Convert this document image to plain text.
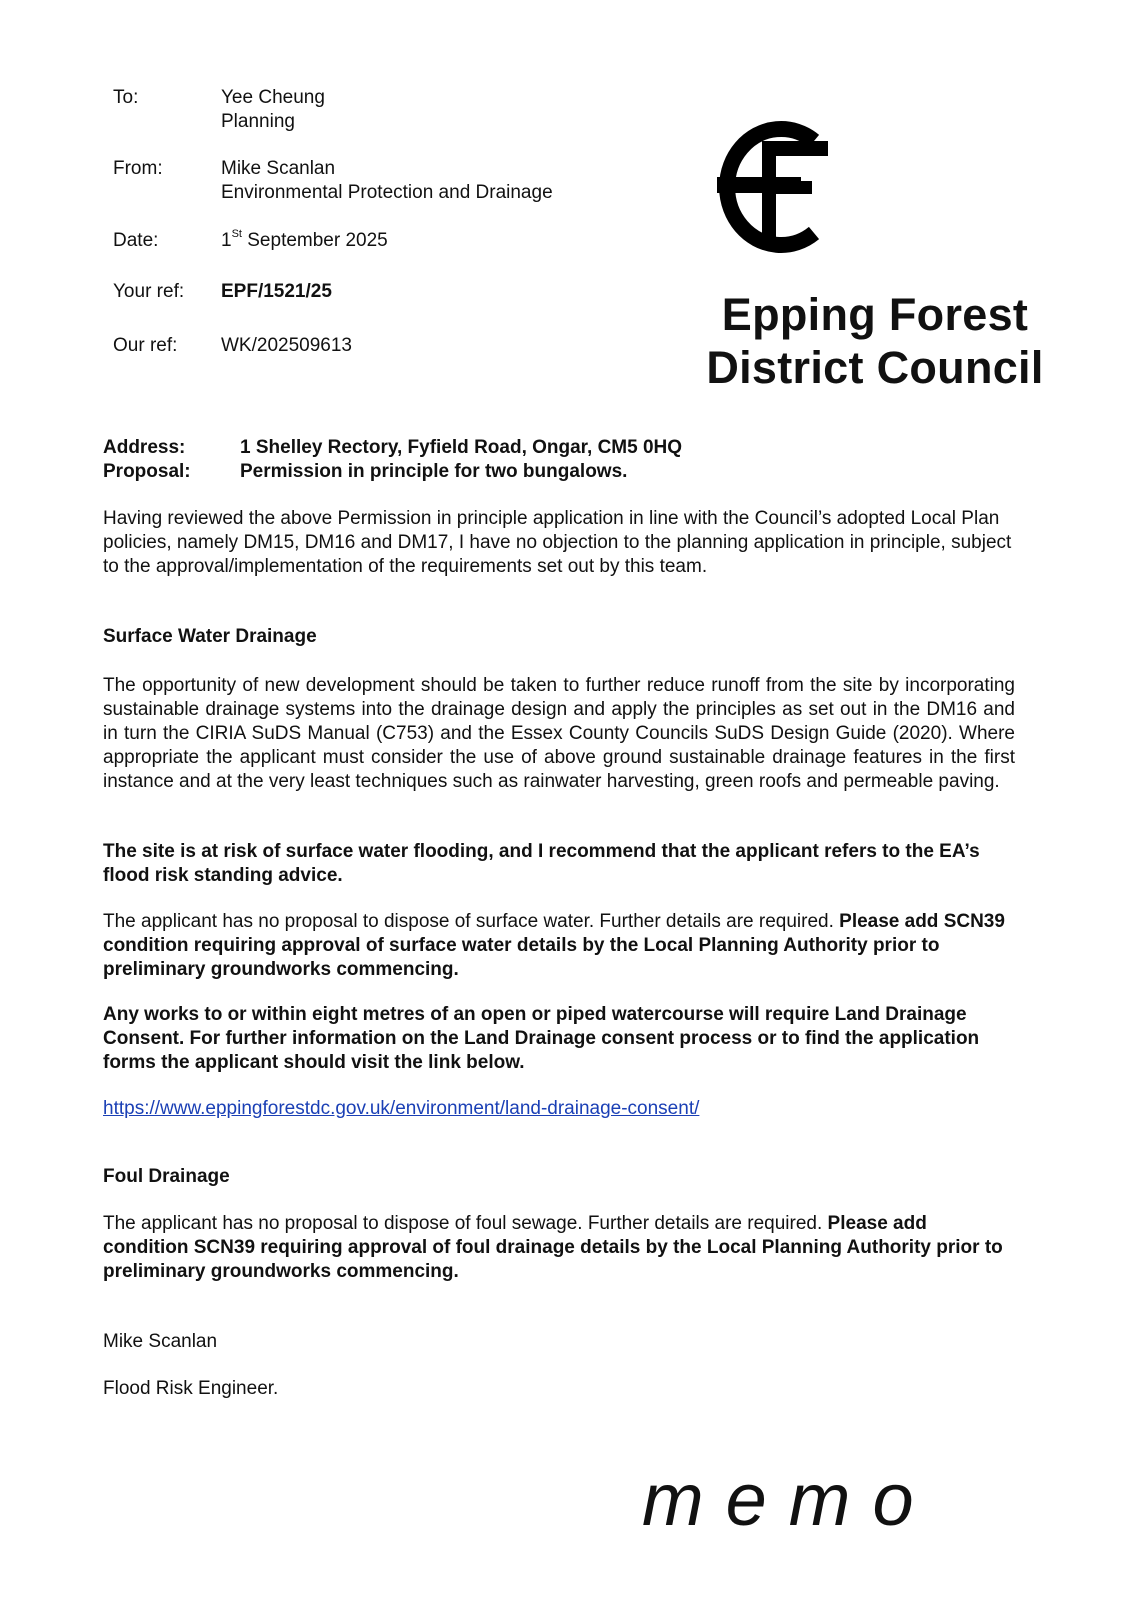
To:	Yee Cheung
Planning
From:	Mike Scanlan
Environmental Protection and Drainage
Date:	1St September 2025
Your ref: EPF/1521/25
Our ref: WK/202509613
Epping Forest
District Council
Address:	1 Shelley Rectory, Fyfield Road, Ongar, CM5 0HQ
Proposal:	Permission in principle for two bungalows.
Having reviewed the above Permission in principle application in line with the Council’s adopted Local Plan policies, namely DM15, DM16 and DM17, I have no objection to the planning application in principle, subject to the approval/implementation of the requirements set out by this team.
Surface Water Drainage
The opportunity of new development should be taken to further reduce runoff from the site by incorporating sustainable drainage systems into the drainage design and apply the principles as set out in the DM16 and in turn the CIRIA SuDS Manual (C753) and the Essex County Councils SuDS Design Guide (2020). Where appropriate the applicant must consider the use of above ground sustainable drainage features in the first instance and at the very least techniques such as rainwater harvesting, green roofs and permeable paving.
The site is at risk of surface water flooding, and I recommend that the applicant refers to the EA’s flood risk standing advice.
The applicant has no proposal to dispose of surface water. Further details are required. Please add SCN39 condition requiring approval of surface water details by the Local Planning Authority prior to preliminary groundworks commencing.
Any works to or within eight metres of an open or piped watercourse will require Land Drainage Consent. For further information on the Land Drainage consent process or to find the application forms the applicant should visit the link below.
https://www.eppingforestdc.gov.uk/environment/land-drainage-consent/
Foul Drainage
The applicant has no proposal to dispose of foul sewage. Further details are required. Please add condition SCN39 requiring approval of foul drainage details by the Local Planning Authority prior to preliminary groundworks commencing.
Mike Scanlan
Flood Risk Engineer.
memo
